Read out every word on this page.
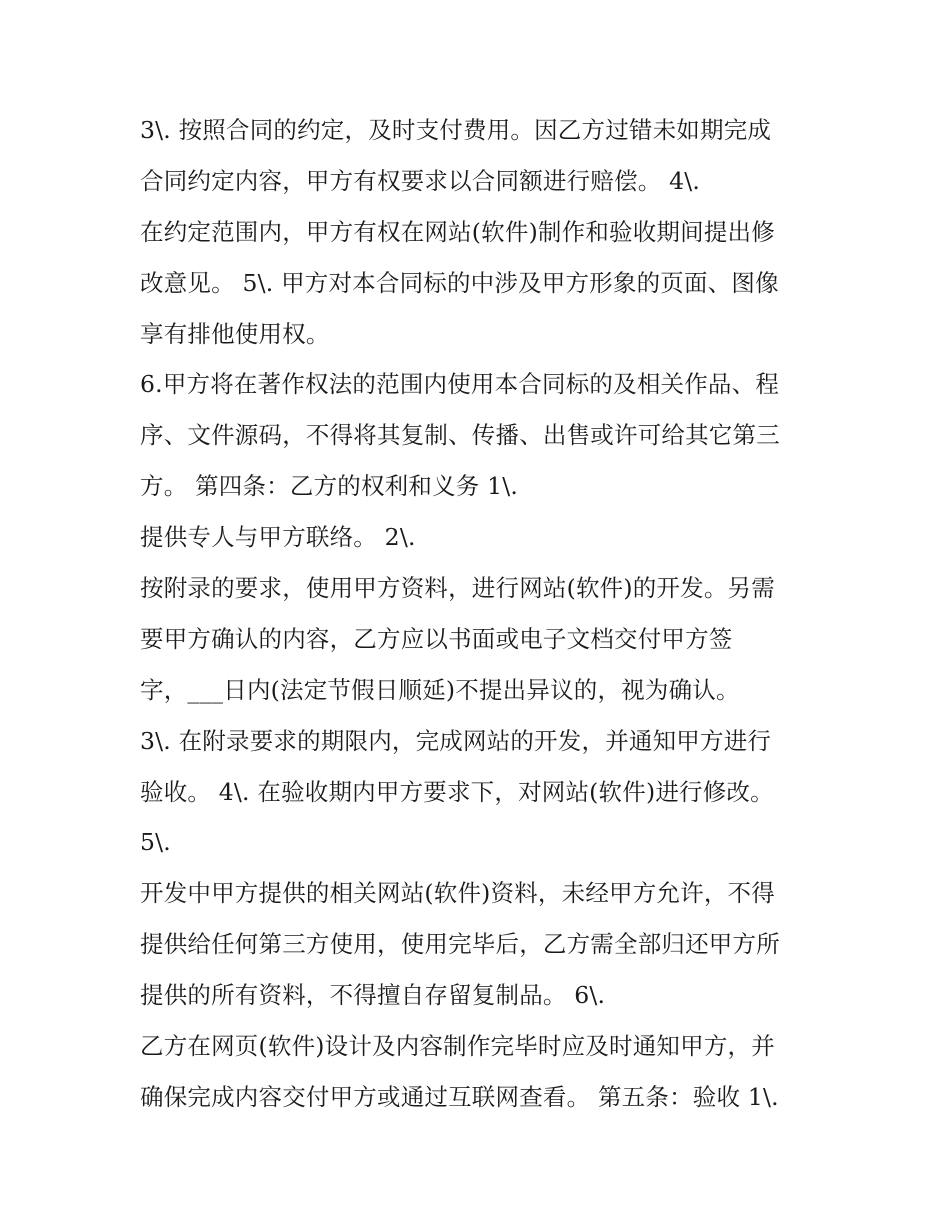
3\. 按照合同的约定，及时支付费用。因乙方过错未如期完成
合同约定内容，甲方有权要求以合同额进行赔偿。 4\.
在约定范围内，甲方有权在网站(软件)制作和验收期间提出修
改意见。 5\. 甲方对本合同标的中涉及甲方形象的页面、图像
享有排他使用权。
6.甲方将在著作权法的范围内使用本合同标的及相关作品、程
序、文件源码，不得将其复制、传播、出售或许可给其它第三
方。 第四条：乙方的权利和义务 1\.
提供专人与甲方联络。 2\.
按附录的要求，使用甲方资料，进行网站(软件)的开发。另需
要甲方确认的内容，乙方应以书面或电子文档交付甲方签
字，___日内(法定节假日顺延)不提出异议的，视为确认。
3\. 在附录要求的期限内，完成网站的开发，并通知甲方进行
验收。 4\. 在验收期内甲方要求下，对网站(软件)进行修改。
5\.
开发中甲方提供的相关网站(软件)资料，未经甲方允许，不得
提供给任何第三方使用，使用完毕后，乙方需全部归还甲方所
提供的所有资料，不得擅自存留复制品。 6\.
乙方在网页(软件)设计及内容制作完毕时应及时通知甲方，并
确保完成内容交付甲方或通过互联网查看。 第五条：验收 1\.
